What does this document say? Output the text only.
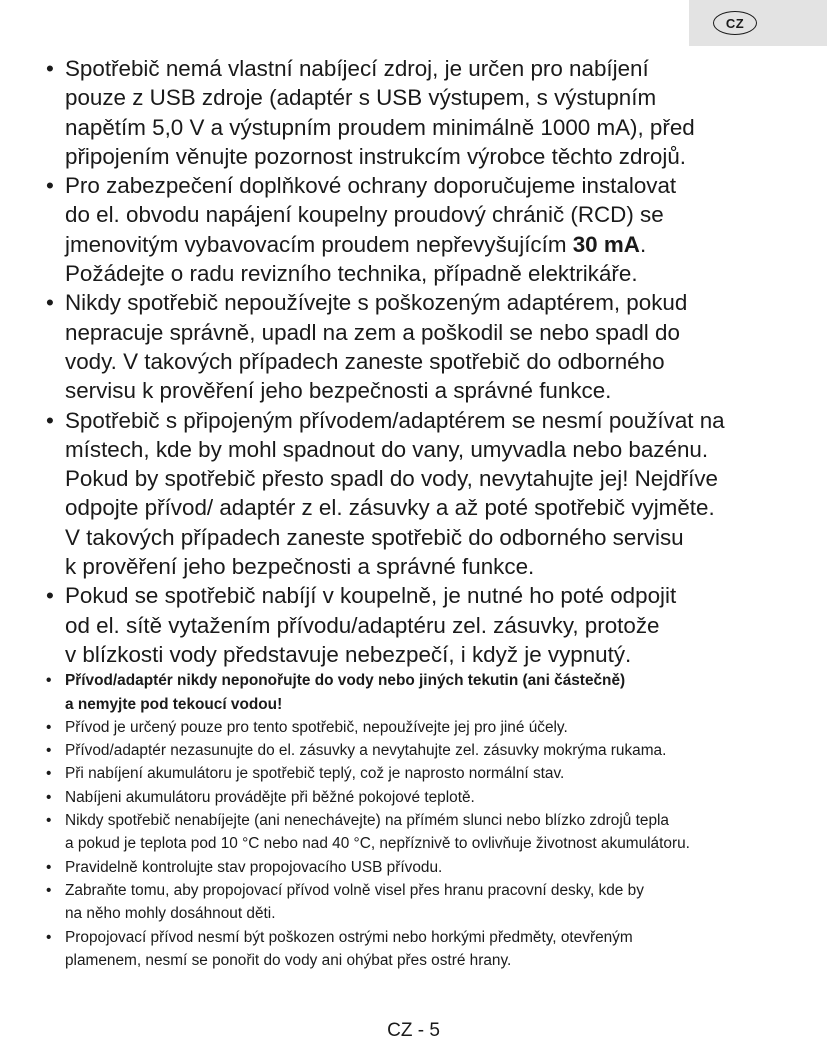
CZ
• Spotřebič nemá vlastní nabíjecí zdroj, je určen pro nabíjení
pouze z USB zdroje (adaptér s USB výstupem, s výstupním
napětím 5,0 V a výstupním proudem minimálně 1000 mA), před
připojením věnujte pozornost instrukcím výrobce těchto zdrojů.
• Pro zabezpečení doplňkové ochrany doporučujeme instalovat
do el. obvodu napájení koupelny proudový chránič (RCD) se
jmenovitým vybavovacím proudem nepřevyšujícím 30 mA.
Požádejte o radu revizního technika, případně elektrikáře.
• Nikdy spotřebič nepoužívejte s poškozeným adaptérem, pokud
nepracuje správně, upadl na zem a poškodil se nebo spadl do
vody. V takových případech zaneste spotřebič do odborného
servisu k prověření jeho bezpečnosti a správné funkce.
• Spotřebič s připojeným přívodem/adaptérem se nesmí používat na
místech, kde by mohl spadnout do vany, umyvadla nebo bazénu.
Pokud by spotřebič přesto spadl do vody, nevytahujte jej! Nejdříve
odpojte přívod/ adaptér z el. zásuvky a až poté spotřebič vyjměte.
V takových případech zaneste spotřebič do odborného servisu
k prověření jeho bezpečnosti a správné funkce.
• Pokud se spotřebič nabíjí v koupelně, je nutné ho poté odpojit
od el. sítě vytažením přívodu/adaptéru zel. zásuvky, protože
v blízkosti vody představuje nebezpečí, i když je vypnutý.
• Přívod/adaptér nikdy neponořujte do vody nebo jiných tekutin (ani částečně)
a nemyjte pod tekoucí vodou!
• Přívod je určený pouze pro tento spotřebič, nepoužívejte jej pro jiné účely.
• Přívod/adaptér nezasunujte do el. zásuvky a nevytahujte zel. zásuvky mokrýma rukama.
• Při nabíjení akumulátoru je spotřebič teplý, což je naprosto normální stav.
• Nabíjeni akumulátoru provádějte při běžné pokojové teplotě.
• Nikdy spotřebič nenabíjejte (ani nenechávejte) na přímém slunci nebo blízko zdrojů tepla
a pokud je teplota pod 10 °C nebo nad 40 °C, nepříznivě to ovlivňuje životnost akumulátoru.
• Pravidelně kontrolujte stav propojovacího USB přívodu.
• Zabraňte tomu, aby propojovací přívod volně visel přes hranu pracovní desky, kde by
na něho mohly dosáhnout děti.
• Propojovací přívod nesmí být poškozen ostrými nebo horkými předměty, otevřeným
plamenem, nesmí se ponořit do vody ani ohýbat přes ostré hrany.
CZ - 5
